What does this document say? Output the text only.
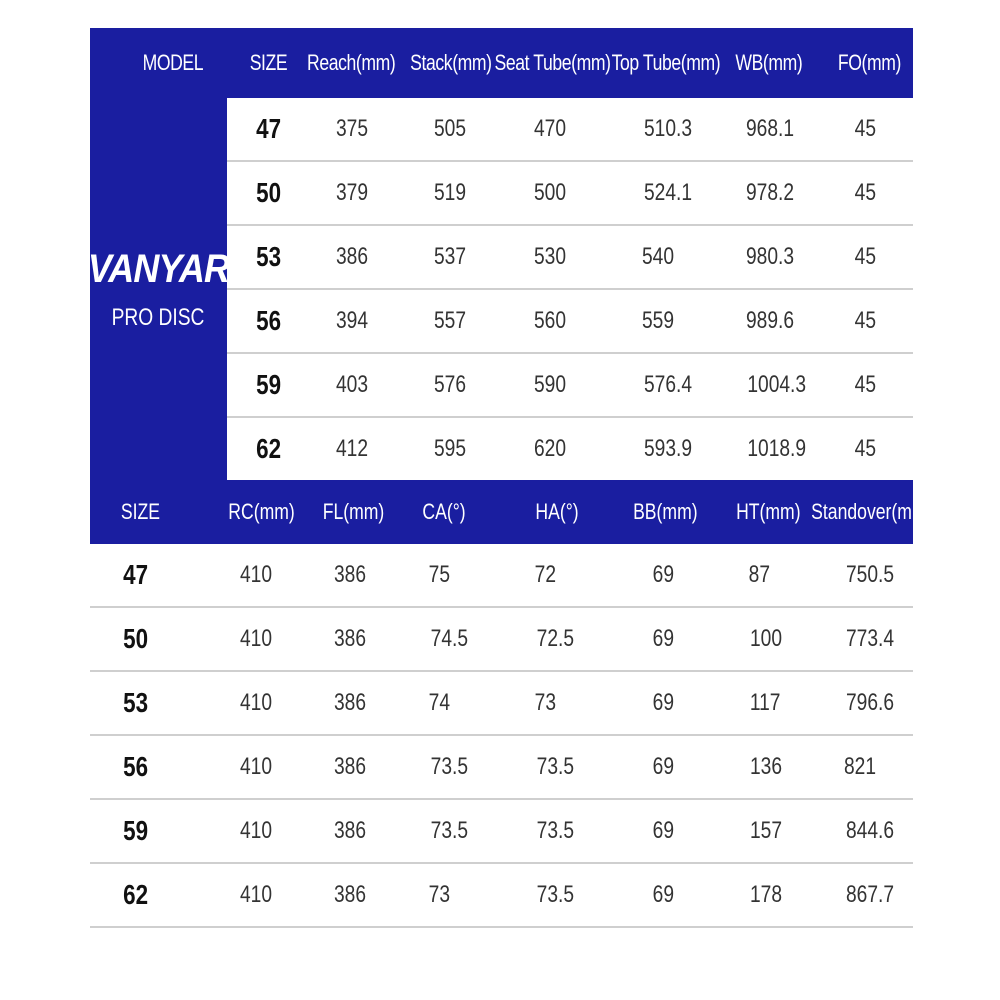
MODEL SIZE Reach(mm) Stack(mm) Seat Tube(mm) Top Tube(mm) WB(mm) FO(mm)
VANYAR
PRO DISC
47 375	505	470	510.3 968.1	45
50 379	519	500	524.1 978.2	45
53 386	537	530	540	980.3	45
56 394	557	560	559	989.6	45
59 403	576	590	576.4 1004.3 45
62 412	595	620	593.9 1018.9 45
SIZE	RC(mm) FL(mm) CA(°)	HA(°) BB(mm) HT(mm) Standover(mm)
47	410	386	75	72	69	87	750.5
50	410	386	74.5	72.5	69	100	773.4
53	410	386	74	73	69	117	796.6
56	410	386	73.5	73.5	69	136	821
59	410	386	73.5	73.5	69	157	844.6
62	410	386	73	73.5	69	178	867.7
